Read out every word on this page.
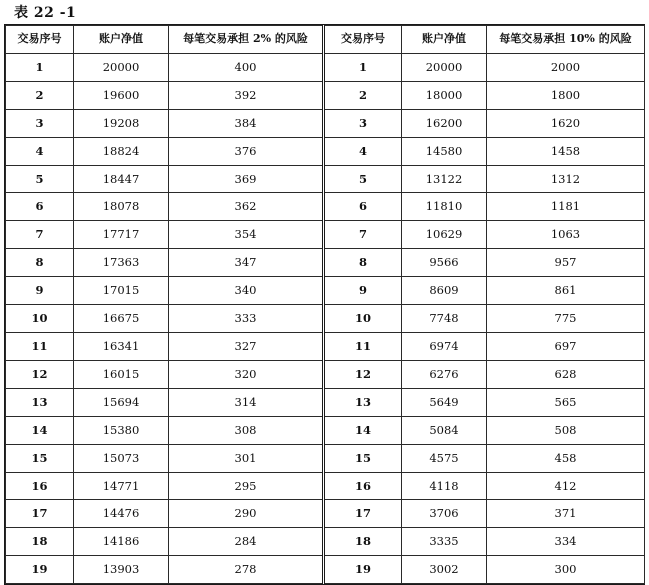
表 22 -1
交易序号	账户净值	每笔交易承担 2% 的风险	交易序号	账户净值	每笔交易承担 10% 的风险
1	20000	400	1	20000	2000
2	19600	392	2	18000	1800
3	19208	384	3	16200	1620
4	18824	376	4	14580	1458
5	18447	369	5	13122	1312
6	18078	362	6	11810	1181
7	17717	354	7	10629	1063
8	17363	347	8	9566	957
9	17015	340	9	8609	861
10	16675	333	10	7748	775
11	16341	327	11	6974	697
12	16015	320	12	6276	628
13	15694	314	13	5649	565
14	15380	308	14	5084	508
15	15073	301	15	4575	458
16	14771	295	16	4118	412
17	14476	290	17	3706	371
18	14186	284	18	3335	334
19	13903	278	19	3002	300
